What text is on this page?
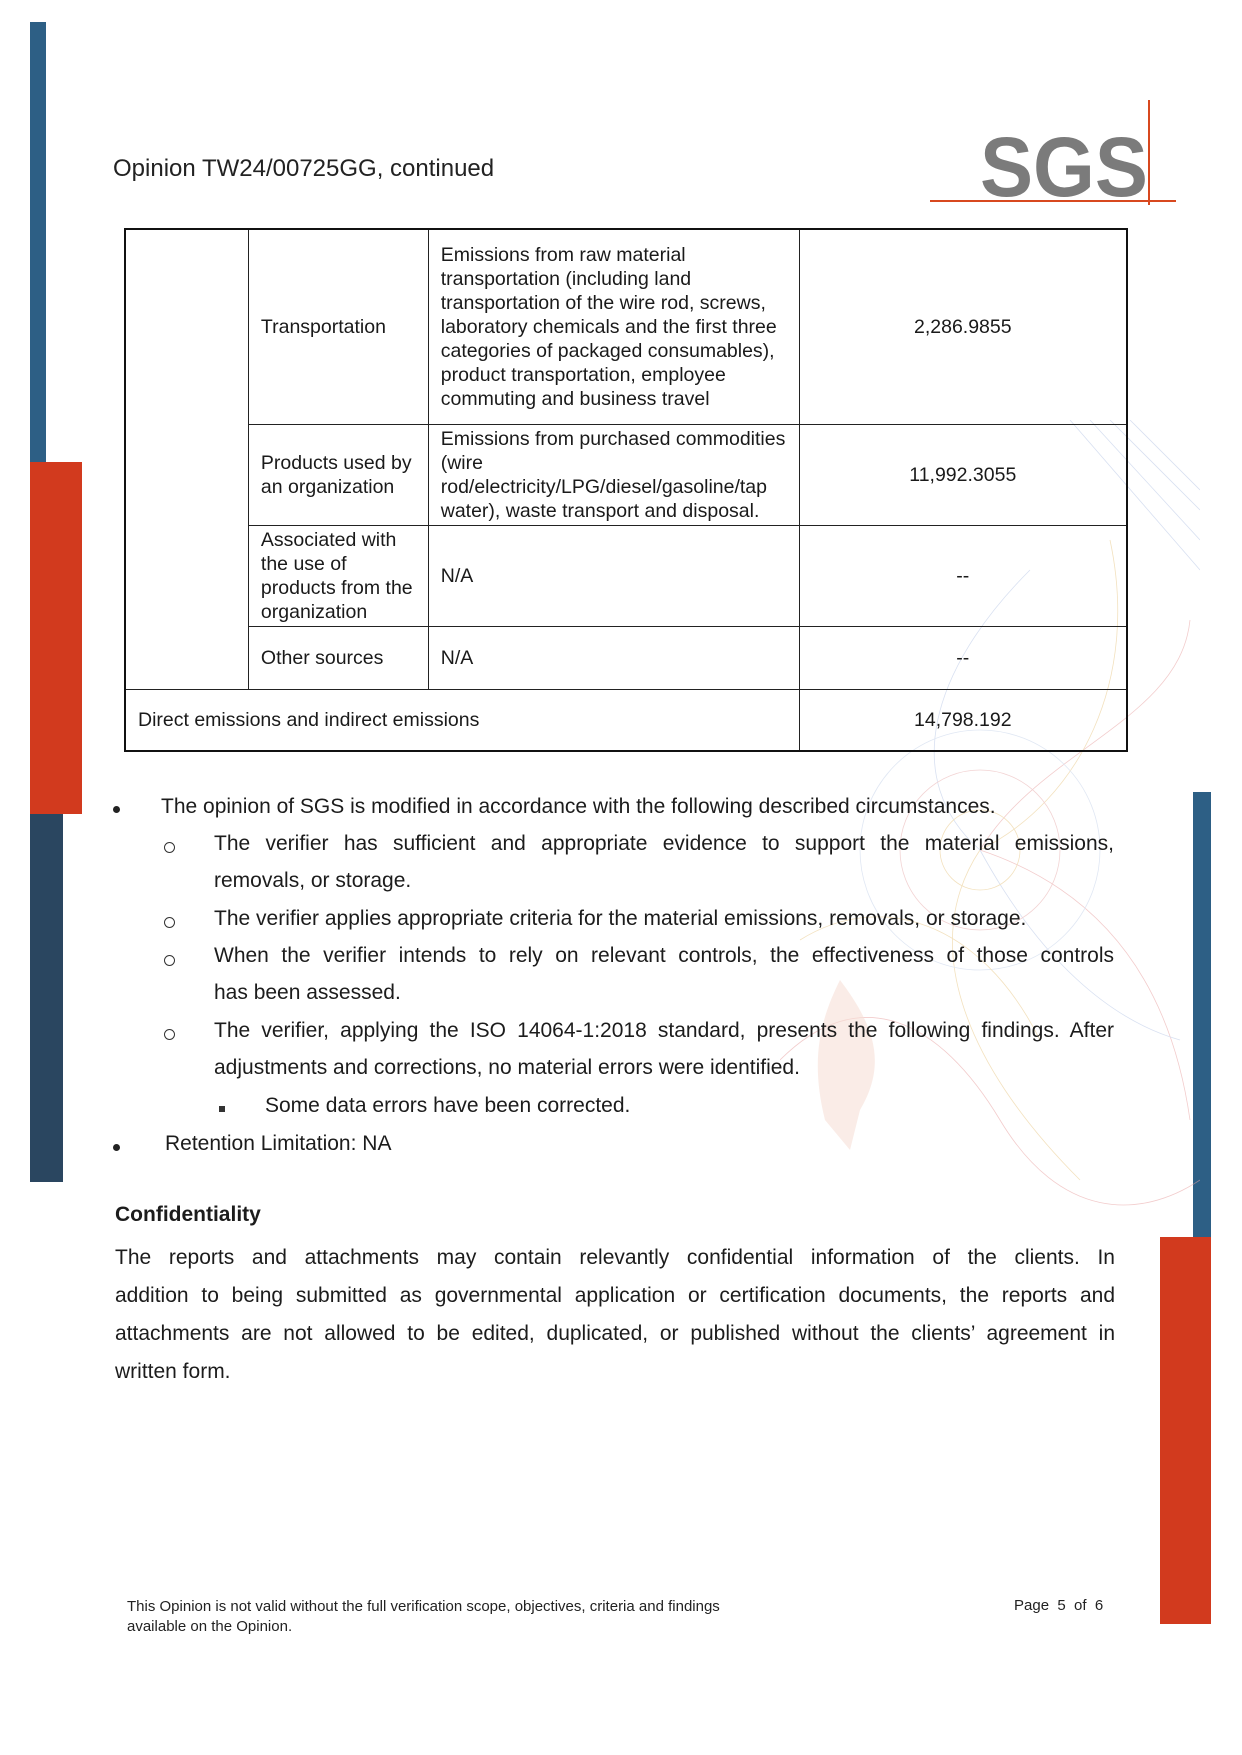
Opinion TW24/00725GG, continued	SGS
	Transportation	Emissions from raw material transportation (including land transportation of the wire rod, screws, laboratory chemicals and the first three categories of packaged consumables), product transportation, employee commuting and business travel	2,286.9855
	Products used by an organization	Emissions from purchased commodities (wire rod/electricity/LPG/diesel/gasoline/tap water), waste transport and disposal.	11,992.3055
	Associated with the use of products from the organization	N/A	--
	Other sources	N/A	--
Direct emissions and indirect emissions			14,798.192
The opinion of SGS is modified in accordance with the following described circumstances.
The verifier has sufficient and appropriate evidence to support the material emissions,
removals, or storage.
The verifier applies appropriate criteria for the material emissions, removals, or storage.
When the verifier intends to rely on relevant controls, the effectiveness of those controls
has been assessed.
The verifier, applying the ISO 14064-1:2018 standard, presents the following findings. After
adjustments and corrections, no material errors were identified.
Some data errors have been corrected.
Retention Limitation: NA
Confidentiality
The reports and attachments may contain relevantly confidential information of the clients. In
addition to being submitted as governmental application or certification documents, the reports and
attachments are not allowed to be edited, duplicated, or published without the clients’ agreement in
written form.
This Opinion is not valid without the full verification scope, objectives, criteria and findings
available on the Opinion.
Page  5  of  6
